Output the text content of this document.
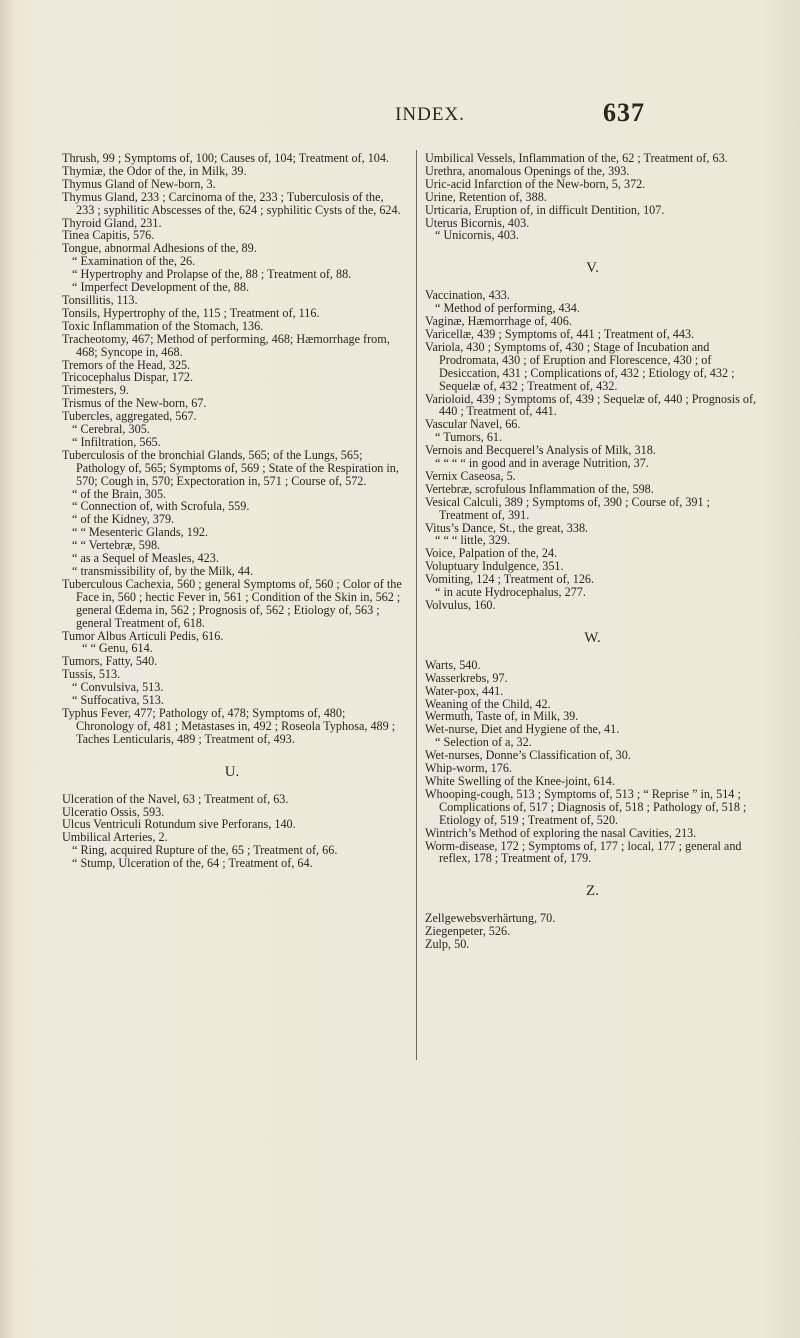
INDEX.	637

Thrush, 99 ; Symptoms of, 100; Causes of, 104; Treatment of, 104.

Thymiæ, the Odor of the, in Milk, 39.

Thymus Gland of New-born, 3.

Thymus Gland, 233 ; Carcinoma of the, 233 ; Tuberculosis of the, 233 ; syphilitic Abscesses of the, 624 ; syphilitic Cysts of the, 624.

Thyroid Gland, 231.

Tinea Capitis, 576.

Tongue, abnormal Adhesions of the, 89.

“ Examination of the, 26.

“ Hypertrophy and Prolapse of the, 88 ; Treatment of, 88.

“ Imperfect Development of the, 88.

Tonsillitis, 113.

Tonsils, Hypertrophy of the, 115 ; Treatment of, 116.

Toxic Inflammation of the Stomach, 136.

Tracheotomy, 467; Method of performing, 468; Hæmorrhage from, 468; Syncope in, 468.

Tremors of the Head, 325.

Tricocephalus Dispar, 172.

Trimesters, 9.

Trismus of the New-born, 67.

Tubercles, aggregated, 567.

“ Cerebral, 305.

“ Infiltration, 565.

Tuberculosis of the bronchial Glands, 565; of the Lungs, 565; Pathology of, 565; Symptoms of, 569 ; State of the Respiration in, 570; Cough in, 570; Expectoration in, 571 ; Course of, 572.

“ of the Brain, 305.

“ Connection of, with Scrofula, 559.

“ of the Kidney, 379.

“ “ Mesenteric Glands, 192.

“ “ Vertebræ, 598.

“ as a Sequel of Measles, 423.

“ transmissibility of, by the Milk, 44.

Tuberculous Cachexia, 560 ; general Symptoms of, 560 ; Color of the Face in, 560 ; hectic Fever in, 561 ; Condition of the Skin in, 562 ; general Œdema in, 562 ; Prognosis of, 562 ; Etiology of, 563 ; general Treatment of, 618.

Tumor Albus Articuli Pedis, 616.

“ “ Genu, 614.

Tumors, Fatty, 540.

Tussis, 513.

“ Convulsiva, 513.

“ Suffocativa, 513.

Typhus Fever, 477; Pathology of, 478; Symptoms of, 480; Chronology of, 481 ; Metastases in, 492 ; Roseola Typhosa, 489 ; Taches Lenticularis, 489 ; Treatment of, 493.

U.

Ulceration of the Navel, 63 ; Treatment of, 63.

Ulceratio Ossis, 593.

Ulcus Ventriculi Rotundum sive Perforans, 140.

Umbilical Arteries, 2.

“ Ring, acquired Rupture of the, 65 ; Treatment of, 66.

“ Stump, Ulceration of the, 64 ; Treatment of, 64.

Umbilical Vessels, Inflammation of the, 62 ; Treatment of, 63.

Urethra, anomalous Openings of the, 393.

Uric-acid Infarction of the New-born, 5, 372.

Urine, Retention of, 388.

Urticaria, Eruption of, in difficult Dentition, 107.

Uterus Bicornis, 403.

“ Unicornis, 403.

V.

Vaccination, 433.

“ Method of performing, 434.

Vaginæ, Hæmorrhage of, 406.

Varicellæ, 439 ; Symptoms of, 441 ; Treatment of, 443.

Variola, 430 ; Symptoms of, 430 ; Stage of Incubation and Prodromata, 430 ; of Eruption and Florescence, 430 ; of Desiccation, 431 ; Complications of, 432 ; Etiology of, 432 ; Sequelæ of, 432 ; Treatment of, 432.

Varioloid, 439 ; Symptoms of, 439 ; Sequelæ of, 440 ; Prognosis of, 440 ; Treatment of, 441.

Vascular Navel, 66.

“ Tumors, 61.

Vernois and Becquerel’s Analysis of Milk, 318.

“ “ “ “ in good and in average Nutrition, 37.

Vernix Caseosa, 5.

Vertebræ, scrofulous Inflammation of the, 598.

Vesical Calculi, 389 ; Symptoms of, 390 ; Course of, 391 ; Treatment of, 391.

Vitus’s Dance, St., the great, 338.

“ “ “ little, 329.

Voice, Palpation of the, 24.

Voluptuary Indulgence, 351.

Vomiting, 124 ; Treatment of, 126.

“ in acute Hydrocephalus, 277.

Volvulus, 160.

W.

Warts, 540.

Wasserkrebs, 97.

Water-pox, 441.

Weaning of the Child, 42.

Wermuth, Taste of, in Milk, 39.

Wet-nurse, Diet and Hygiene of the, 41.

“ Selection of a, 32.

Wet-nurses, Donne’s Classification of, 30.

Whip-worm, 176.

White Swelling of the Knee-joint, 614.

Whooping-cough, 513 ; Symptoms of, 513 ; “ Reprise ” in, 514 ; Complications of, 517 ; Diagnosis of, 518 ; Pathology of, 518 ; Etiology of, 519 ; Treatment of, 520.

Wintrich’s Method of exploring the nasal Cavities, 213.

Worm-disease, 172 ; Symptoms of, 177 ; local, 177 ; general and reflex, 178 ; Treatment of, 179.

Z.

Zellgewebsverhärtung, 70.

Ziegenpeter, 526.

Zulp, 50.
